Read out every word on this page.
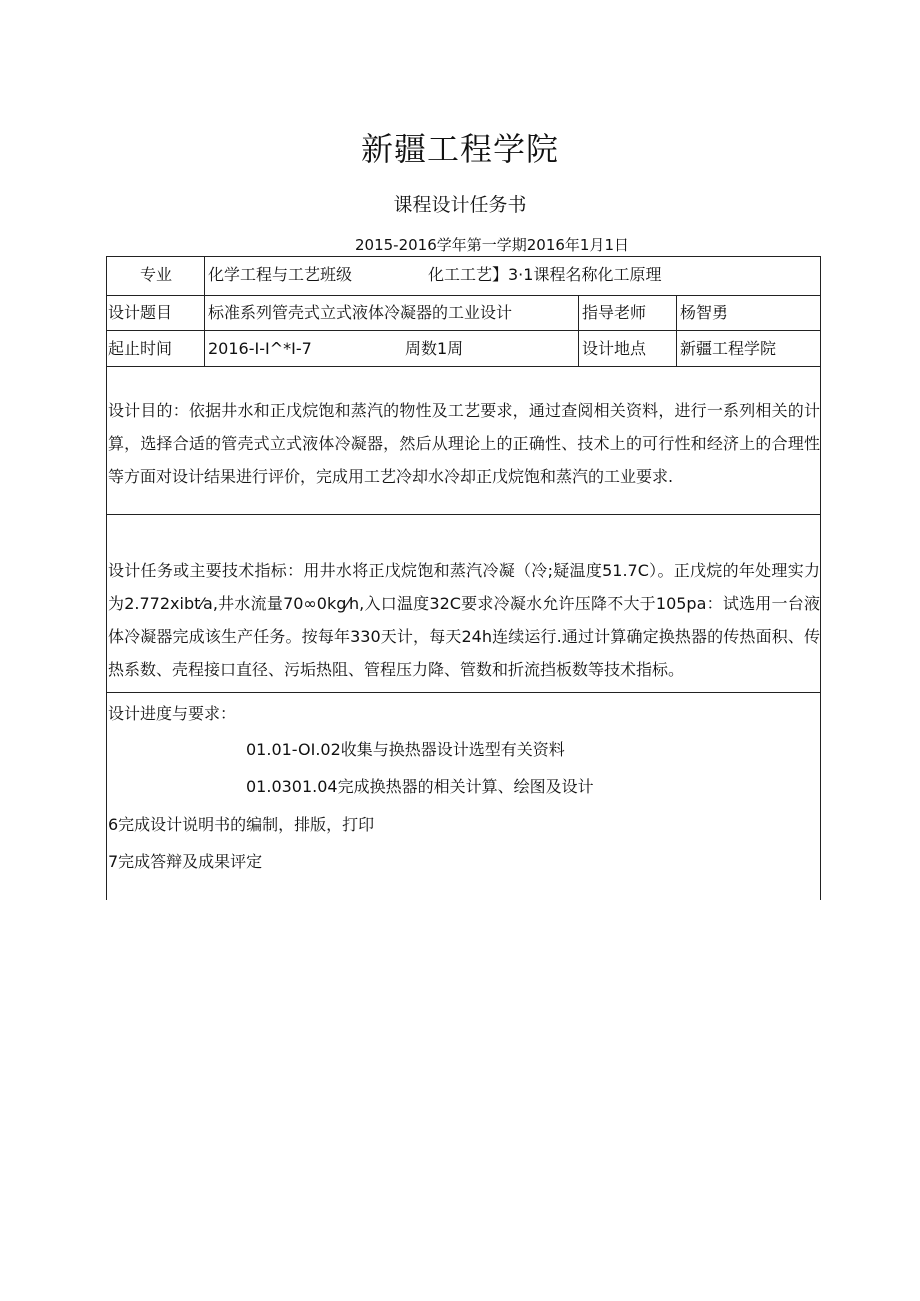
新疆工程学院
课程设计任务书
2015-2016学年第一学期2016年1月1日
专业 化学工程与工艺班级	化工工艺】3·1课程名称化工原理
设计题目 标准系列管壳式立式液体冷凝器的工业设计	指导老师 杨智勇
起止时间 2016-I-I^*I-7	周数1周	设计地点 新疆工程学院
设计目的：依据井水和正戊烷饱和蒸汽的物性及工艺要求，通过查阅相关资料，进行一系列相关的计算，选择合适的管壳式立式液体冷凝器，然后从理论上的正确性、技术上的可行性和经济上的合理性等方面对设计结果进行评价，完成用工艺冷却水冷却正戊烷饱和蒸汽的工业要求.
设计任务或主要技术指标：用井水将正戊烷饱和蒸汽冷凝（冷;疑温度51.7C）。正戊烷的年处理实力为2.772xibt⁄a,井水流量70∞0kg⁄h,入口温度32C要求冷凝水允许压降不大于105pa：试选用一台液体冷凝器完成该生产任务。按每年330天计，每天24h连续运行.通过计算确定换热器的传热面积、传热系数、壳程接口直径、污垢热阻、管程压力降、管数和折流挡板数等技术指标。
设计进度与要求：
01.01-OI.02收集与换热器设计选型有关资料
01.0301.04完成换热器的相关计算、绘图及设计
6完成设计说明书的编制，排版，打印
7完成答辩及成果评定
